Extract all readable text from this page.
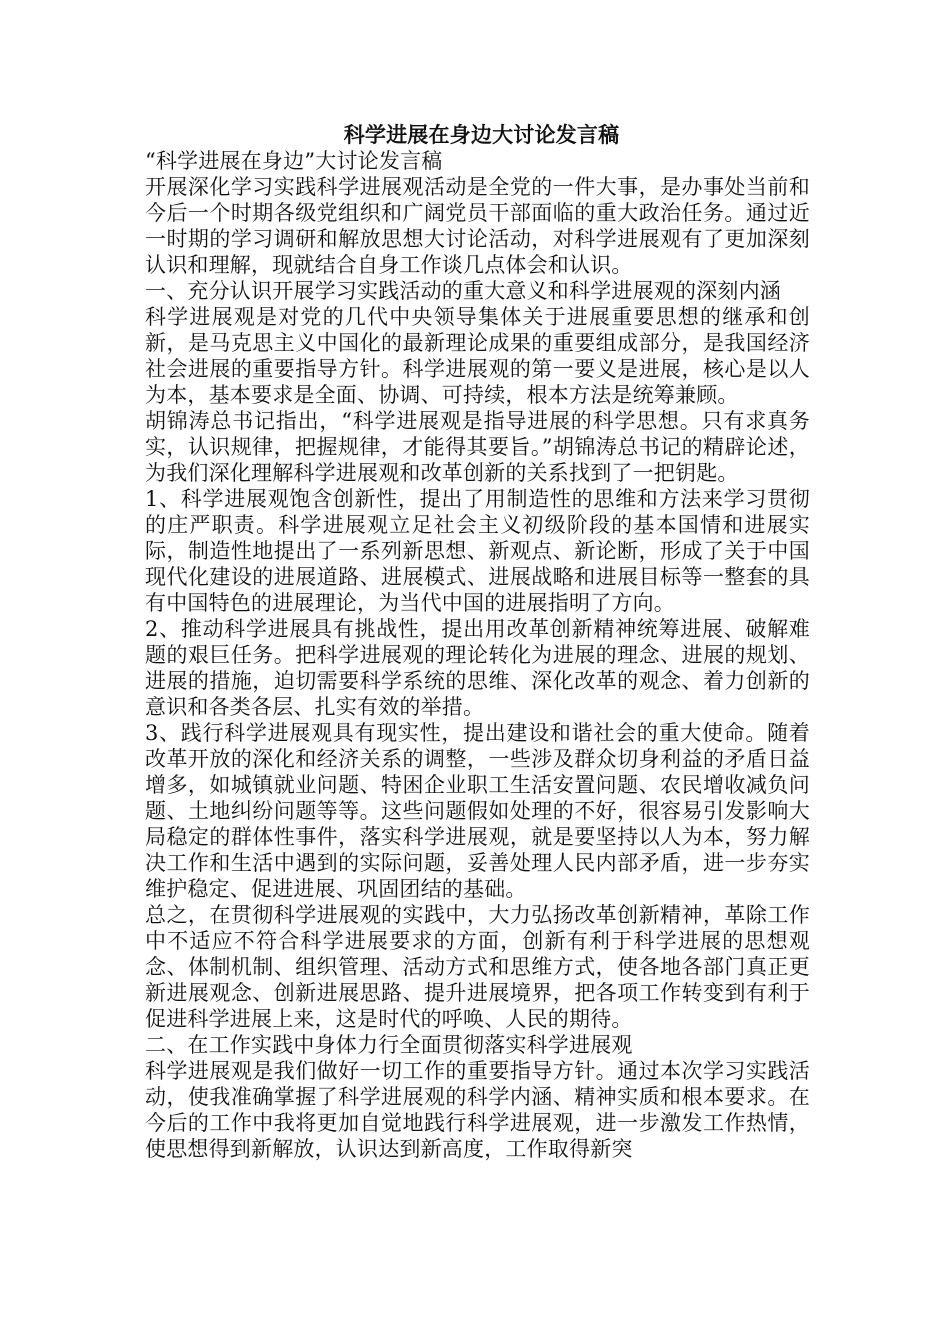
科学进展在身边大讨论发言稿

“科学进展在身边”大讨论发言稿

开展深化学习实践科学进展观活动是全党的一件大事，是办事处当前和今后一个时期各级党组织和广阔党员干部面临的重大政治任务。通过近一时期的学习调研和解放思想大讨论活动，对科学进展观有了更加深刻认识和理解，现就结合自身工作谈几点体会和认识。

一、充分认识开展学习实践活动的重大意义和科学进展观的深刻内涵

科学进展观是对党的几代中央领导集体关于进展重要思想的继承和创新，是马克思主义中国化的最新理论成果的重要组成部分，是我国经济社会进展的重要指导方针。科学进展观的第一要义是进展，核心是以人为本，基本要求是全面、协调、可持续，根本方法是统筹兼顾。

胡锦涛总书记指出，“科学进展观是指导进展的科学思想。只有求真务实，认识规律，把握规律，才能得其要旨。”胡锦涛总书记的精辟论述，为我们深化理解科学进展观和改革创新的关系找到了一把钥匙。

1、科学进展观饱含创新性，提出了用制造性的思维和方法来学习贯彻的庄严职责。科学进展观立足社会主义初级阶段的基本国情和进展实际，制造性地提出了一系列新思想、新观点、新论断，形成了关于中国现代化建设的进展道路、进展模式、进展战略和进展目标等一整套的具有中国特色的进展理论，为当代中国的进展指明了方向。

2、推动科学进展具有挑战性，提出用改革创新精神统筹进展、破解难题的艰巨任务。把科学进展观的理论转化为进展的理念、进展的规划、进展的措施，迫切需要科学系统的思维、深化改革的观念、着力创新的意识和各类各层、扎实有效的举措。

3、践行科学进展观具有现实性，提出建设和谐社会的重大使命。随着改革开放的深化和经济关系的调整，一些涉及群众切身利益的矛盾日益增多，如城镇就业问题、特困企业职工生活安置问题、农民增收减负问题、土地纠纷问题等等。这些问题假如处理的不好，很容易引发影响大局稳定的群体性事件，落实科学进展观，就是要坚持以人为本，努力解决工作和生活中遇到的实际问题，妥善处理人民内部矛盾，进一步夯实维护稳定、促进进展、巩固团结的基础。

总之，在贯彻科学进展观的实践中，大力弘扬改革创新精神，革除工作中不适应不符合科学进展要求的方面，创新有利于科学进展的思想观念、体制机制、组织管理、活动方式和思维方式，使各地各部门真正更新进展观念、创新进展思路、提升进展境界，把各项工作转变到有利于促进科学进展上来，这是时代的呼唤、人民的期待。

二、在工作实践中身体力行全面贯彻落实科学进展观

科学进展观是我们做好一切工作的重要指导方针。通过本次学习实践活动，使我准确掌握了科学进展观的科学内涵、精神实质和根本要求。在今后的工作中我将更加自觉地践行科学进展观，进一步激发工作热情，使思想得到新解放，认识达到新高度，工作取得新突
